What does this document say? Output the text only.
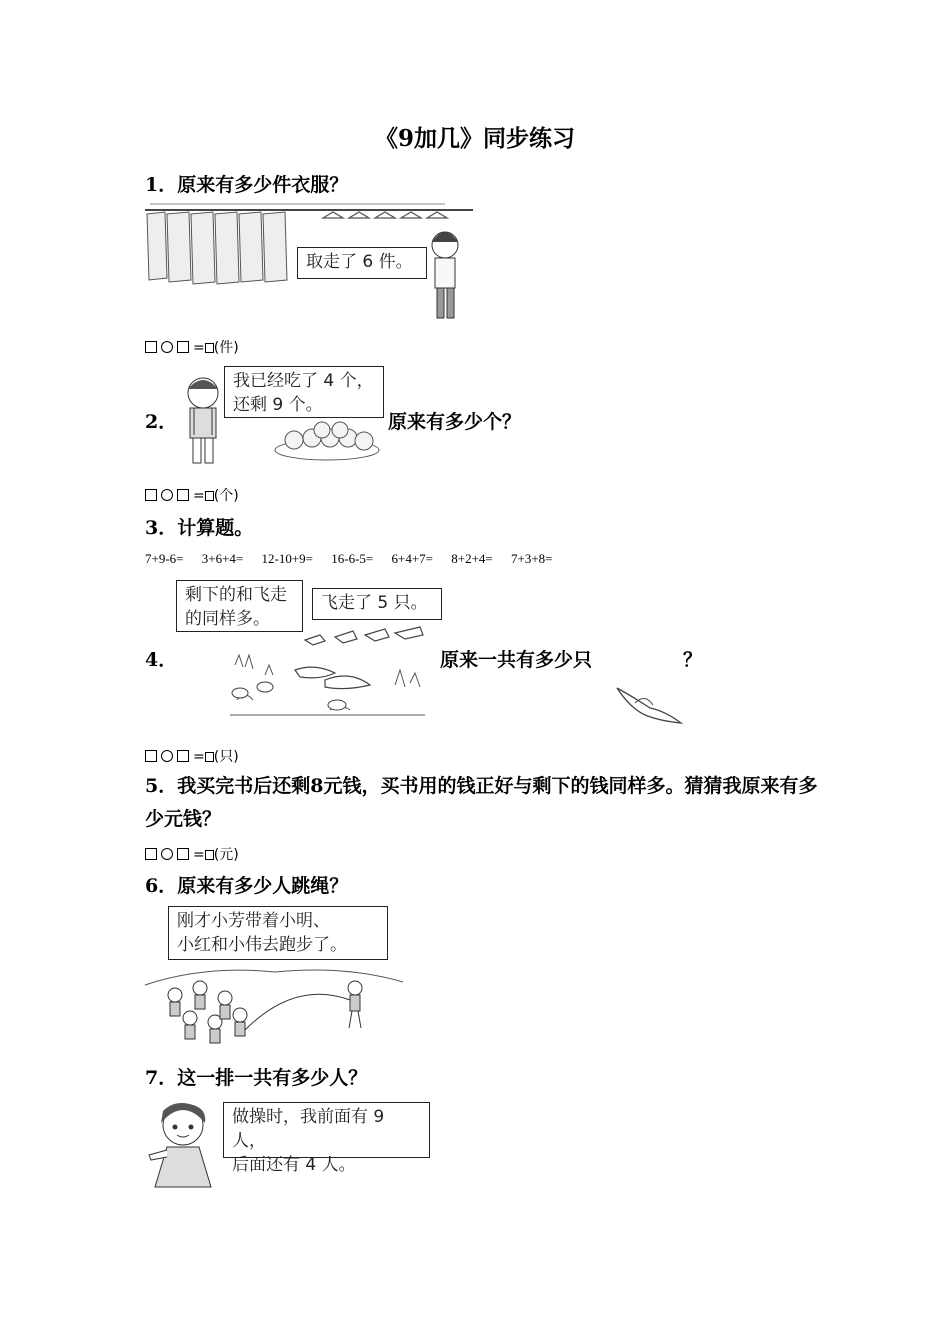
《9加几》同步练习
1．原来有多少件衣服？
取走了 6 件。
= (件)
2．
我已经吃了 4 个，
还剩 9 个。
原来有多少个？
= (个)
3．计算题。
7+9-6= 3+6+4= 12-10+9= 16-6-5= 6+4+7= 8+2+4= 7+3+8=
剩下的和飞走
的同样多。
飞走了 5 只。
4．	原来一共有多少只	？
= (只)
5．我买完书后还剩8元钱，买书用的钱正好与剩下的钱同样多。猜猜我原来有多少元钱？
= (元)
6．原来有多少人跳绳？
刚才小芳带着小明、
小红和小伟去跑步了。
7．这一排一共有多少人？
做操时，我前面有 9 人，
后面还有 4 人。
